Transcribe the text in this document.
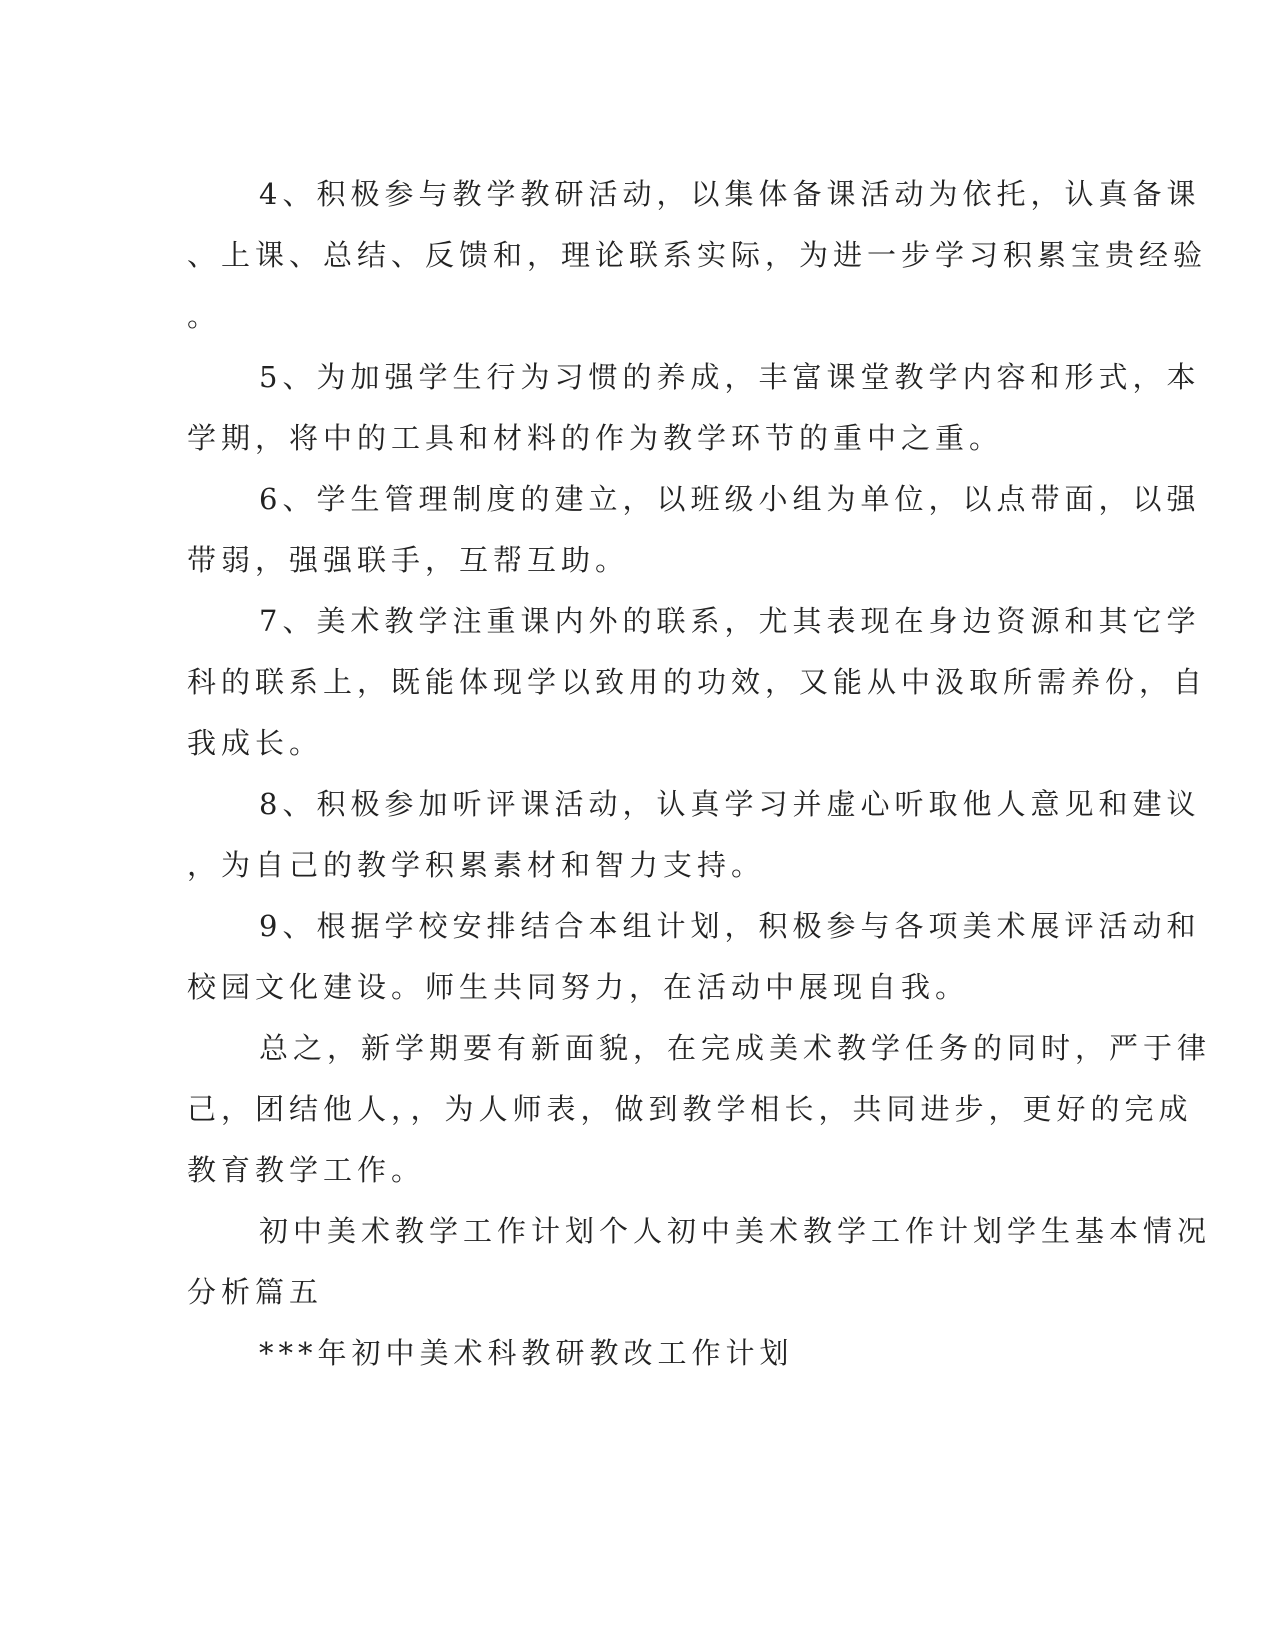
4、积极参与教学教研活动，以集体备课活动为依托，认真备课
、上课、总结、反馈和，理论联系实际，为进一步学习积累宝贵经验
。

5、为加强学生行为习惯的养成，丰富课堂教学内容和形式，本
学期，将中的工具和材料的作为教学环节的重中之重。

6、学生管理制度的建立，以班级小组为单位，以点带面，以强
带弱，强强联手，互帮互助。

7、美术教学注重课内外的联系，尤其表现在身边资源和其它学
科的联系上，既能体现学以致用的功效，又能从中汲取所需养份，自
我成长。

8、积极参加听评课活动，认真学习并虚心听取他人意见和建议
，为自己的教学积累素材和智力支持。

9、根据学校安排结合本组计划，积极参与各项美术展评活动和
校园文化建设。师生共同努力，在活动中展现自我。

总之，新学期要有新面貌，在完成美术教学任务的同时，严于律
己，团结他人，，为人师表，做到教学相长，共同进步，更好的完成
教育教学工作。

初中美术教学工作计划个人初中美术教学工作计划学生基本情况
分析篇五

***年初中美术科教研教改工作计划
